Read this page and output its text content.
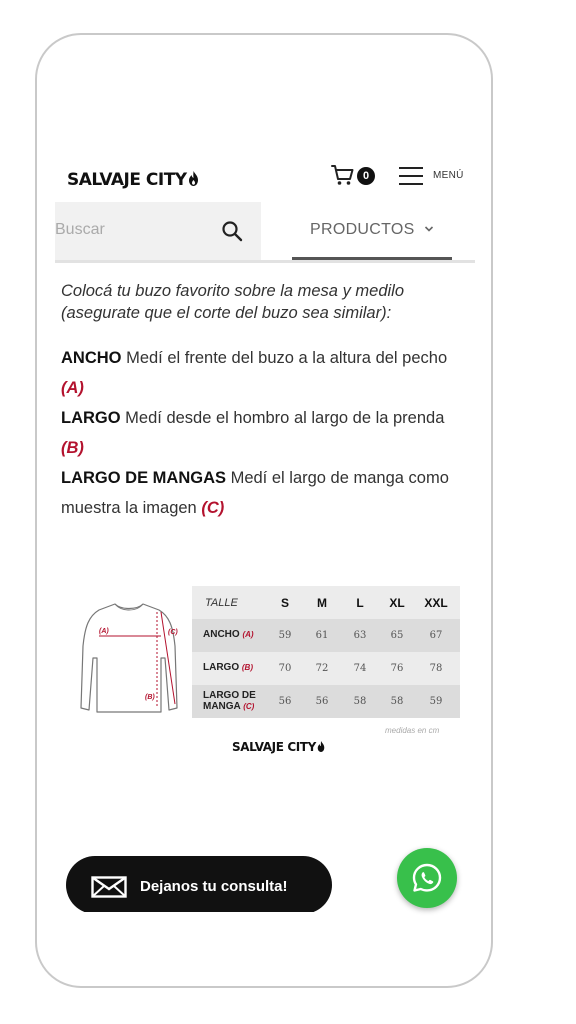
SALVAJE CITY	0	MENÚ
Buscar
PRODUCTOS

Colocá tu buzo favorito sobre la mesa y medilo (asegurate que el corte del buzo sea similar):

ANCHO Medí el frente del buzo a la altura del pecho (A)
LARGO Medí desde el hombro al largo de la prenda (B)
LARGO DE MANGAS Medí el largo de manga como muestra la imagen (C)
(A)	(C)
(B)
TALLE	S	M	L	XL	XXL
ANCHO (A)	59	61	63	65	67
LARGO (B)	70	72	74	76	78
LARGO DE
MANGA (C)	56	56	58	58	59
medidas en cm
SALVAJE CITY
Dejanos tu consulta!
